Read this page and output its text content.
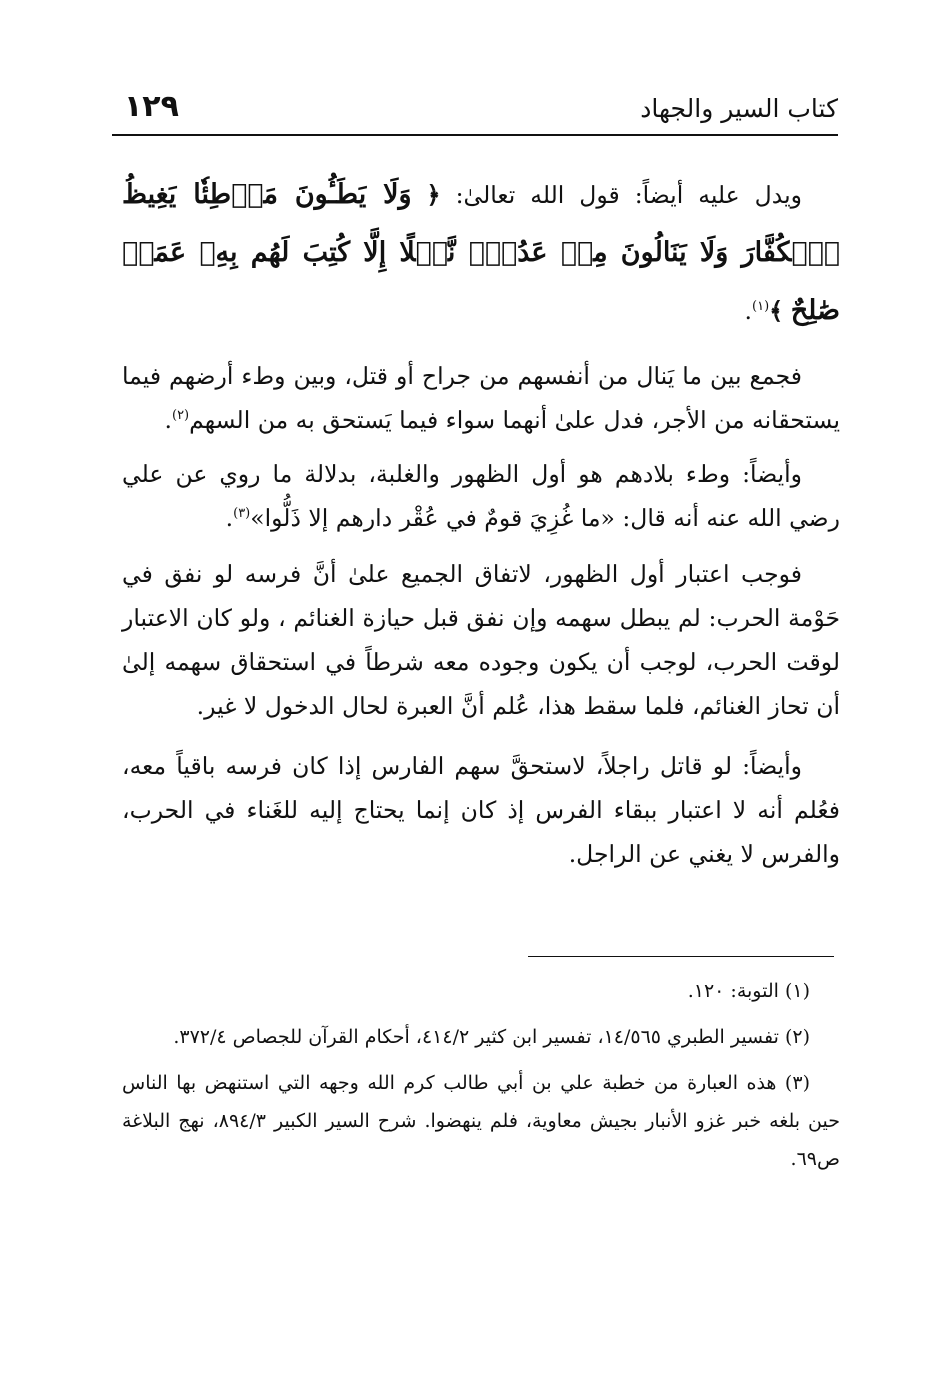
كتاب السير والجهاد
١٢٩

ويدل عليه أيضاً: قول الله تعالىٰ: ﴿ وَلَا يَطَـُٔونَ مَوۡطِئٗا يَغِيظُ ٱلۡكُفَّارَ وَلَا يَنَالُونَ مِنۡ عَدُوّٖ نَّيۡلًا إِلَّا كُتِبَ لَهُم بِهِۦ عَمَلٞ صَٰلِحٌ ﴾$^{(١)}$.

فجمع بين ما يَنال من أنفسهم من جراح أو قتل، وبين وطء أرضهم فيما يستحقانه من الأجر، فدل علىٰ أنهما سواء فيما يَستحق به من السهم$^{(٢)}$.

وأيضاً: وطء بلادهم هو أول الظهور والغلبة، بدلالة ما روي عن علي رضي الله عنه أنه قال: «ما غُزِيَ قومٌ في عُقْر دارهم إلا ذَلُّوا»$^{(٣)}$.

فوجب اعتبار أول الظهور، لاتفاق الجميع علىٰ أنَّ فرسه لو نفق في حَوْمة الحرب: لم يبطل سهمه وإن نفق قبل حيازة الغنائم ، ولو كان الاعتبار لوقت الحرب، لوجب أن يكون وجوده معه شرطاً في استحقاق سهمه إلىٰ أن تحاز الغنائم، فلما سقط هذا، عُلم أنَّ العبرة لحال الدخول لا غير.

وأيضاً: لو قاتل راجلاً، لاستحقَّ سهم الفارس إذا كان فرسه باقياً معه، فعُلم أنه لا اعتبار ببقاء الفرس إذ كان إنما يحتاج إليه للغَناء في الحرب، والفرس لا يغني عن الراجل.

(١) التوبة: ١٢٠.

(٢) تفسير الطبري ١٤/٥٦٥، تفسير ابن كثير ٤١٤/٢، أحكام القرآن للجصاص ٣٧٢/٤.

(٣) هذه العبارة من خطبة علي بن أبي طالب كرم الله وجهه التي استنهض بها الناس حين بلغه خبر غزو الأنبار بجيش معاوية، فلم ينهضوا. شرح السير الكبير ٨٩٤/٣، نهج البلاغة ص٦٩.
